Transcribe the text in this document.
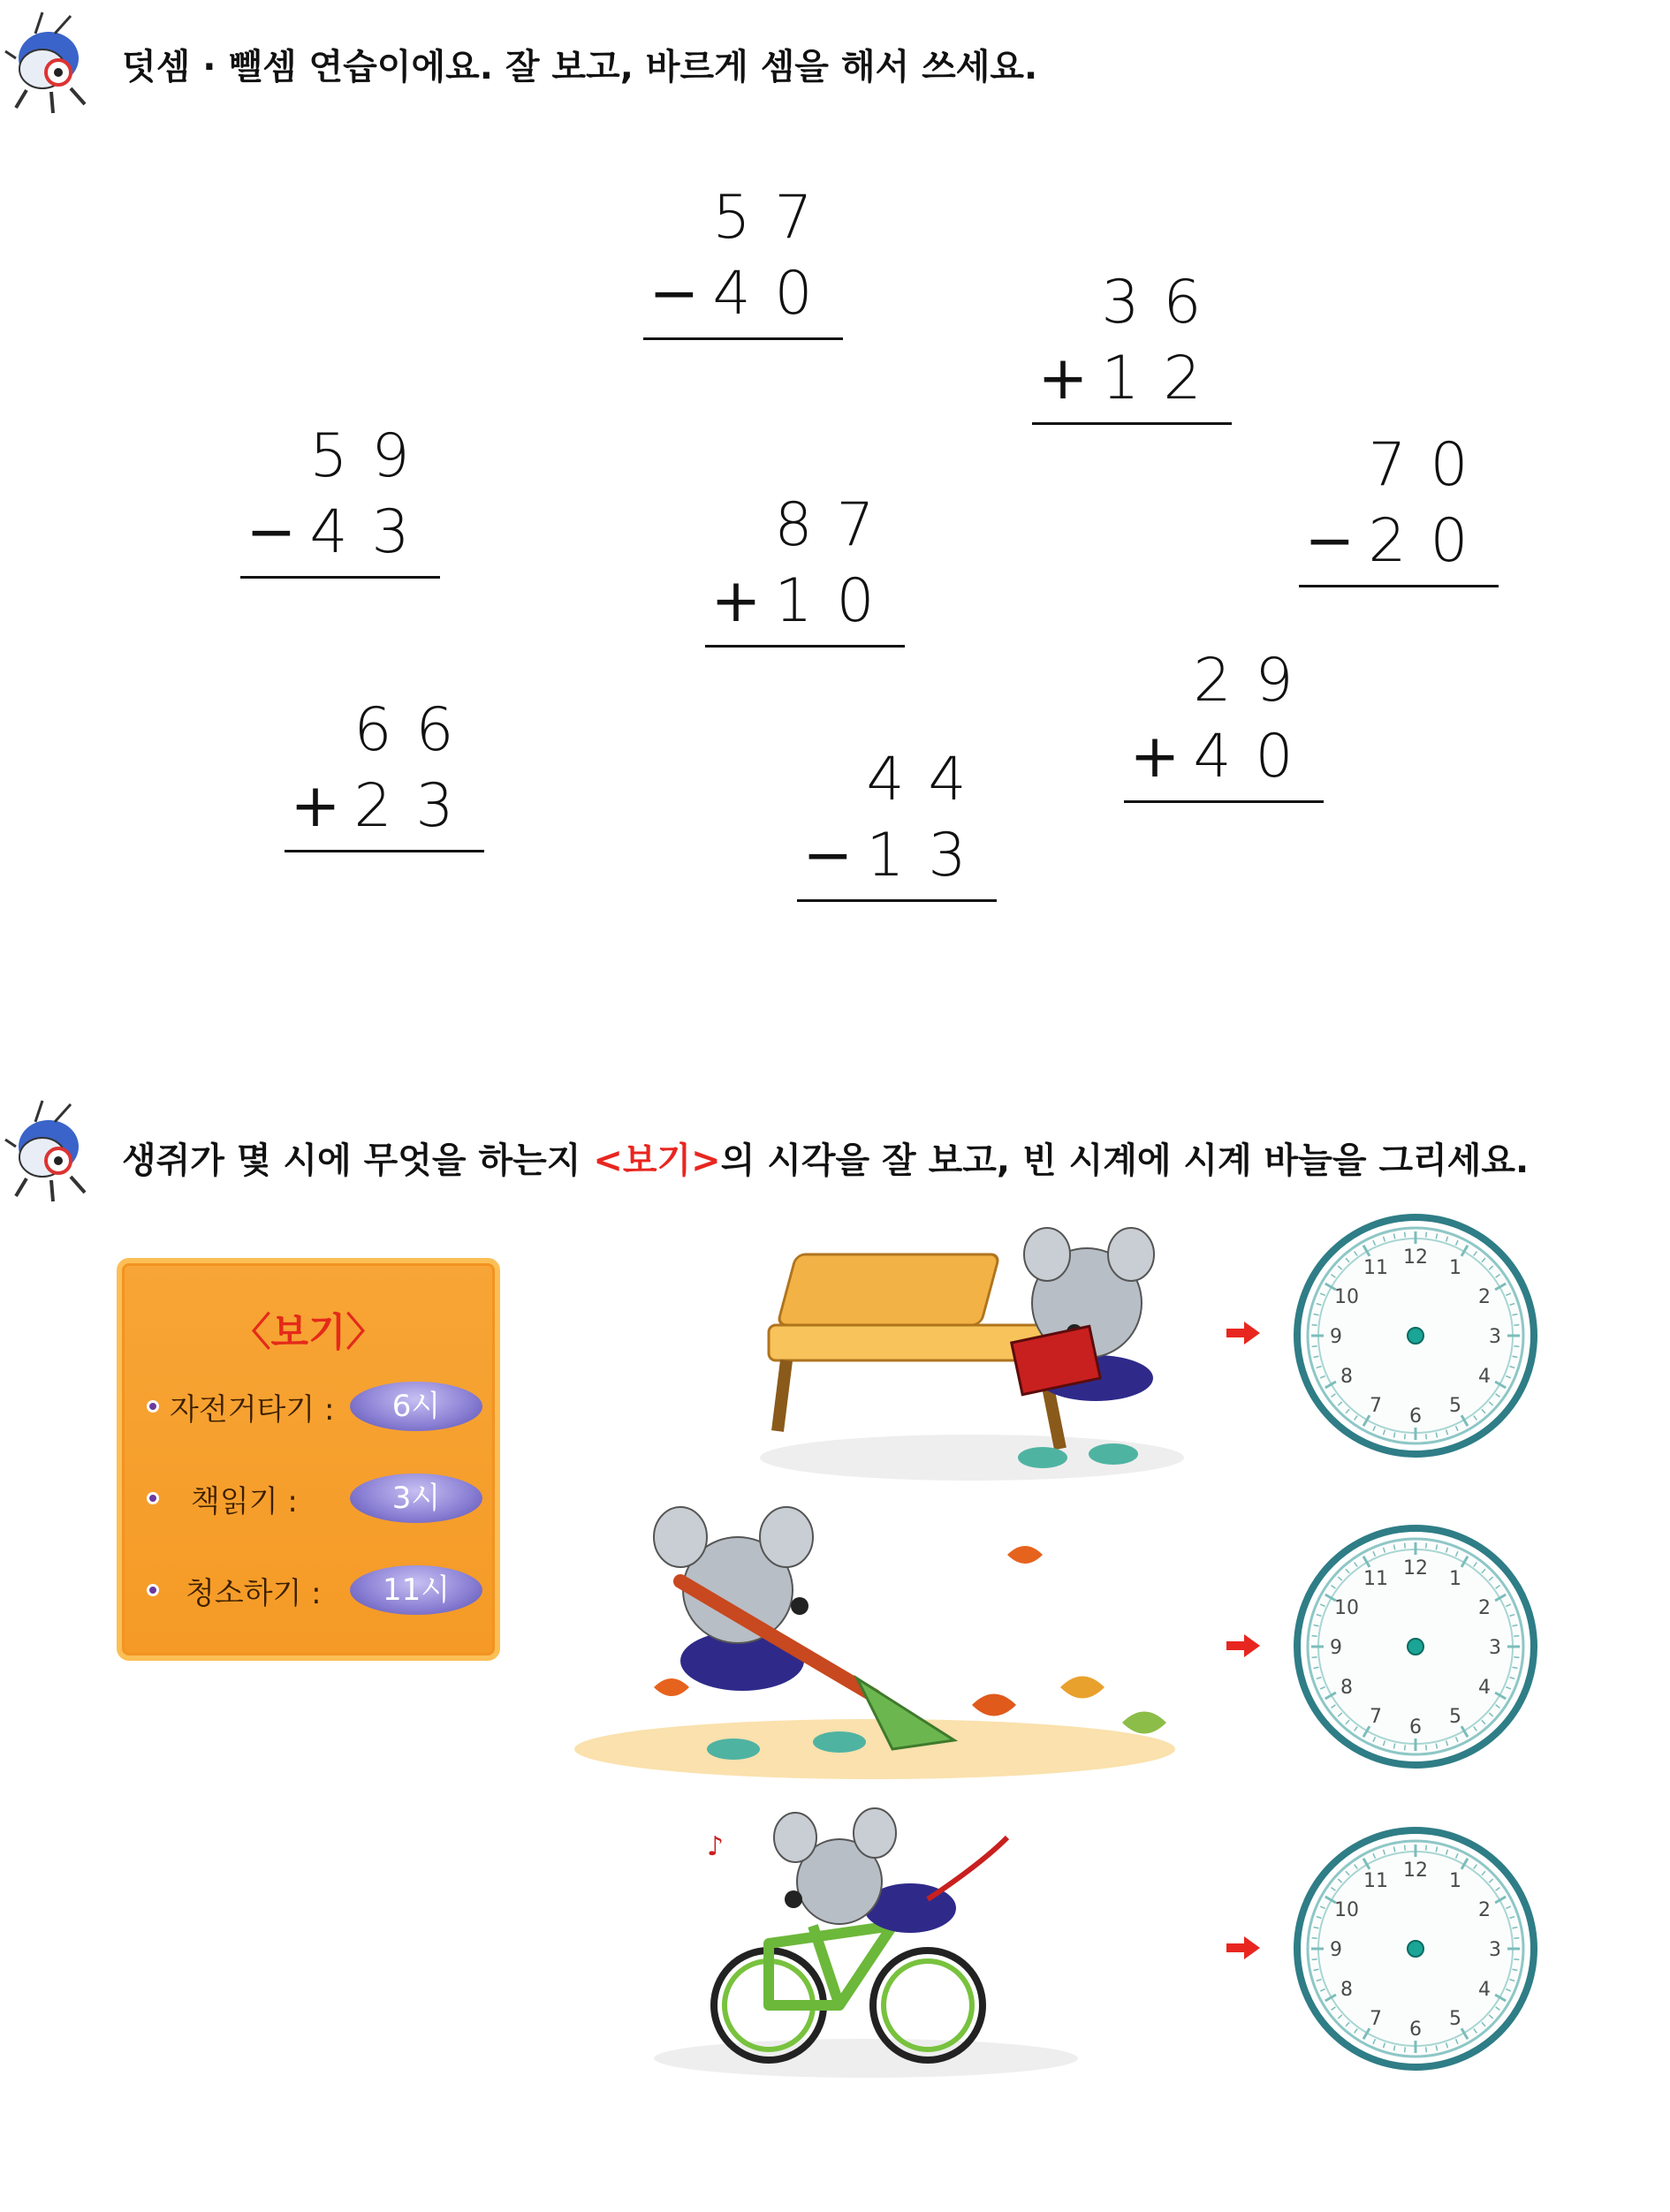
덧셈 · 뺄셈 연습이에요. 잘 보고, 바르게 셈을 해서 쓰세요.
5 7
− 4 0	3 6
+ 1 2
5 9
− 4 3	8 7
+ 1 0
7 0
− 2 0
2 9
+ 4 0
6 6
+ 2 3	4 4
− 1 3
생쥐가 몇 시에 무엇을 하는지 <보기>의 시각을 잘 보고, 빈 시계에 시계 바늘을 그리세요.
〈보기〉
자전거타기 :	6시
책읽기 :	3시
청소하기 :	11시
♪
12 1
2
3
4
5
6
7
8
9
10
11
12 1
2
3
4
5
6
7
8
9
10
11
12 1
2
3
4
5
6
7
8
9
10
11
